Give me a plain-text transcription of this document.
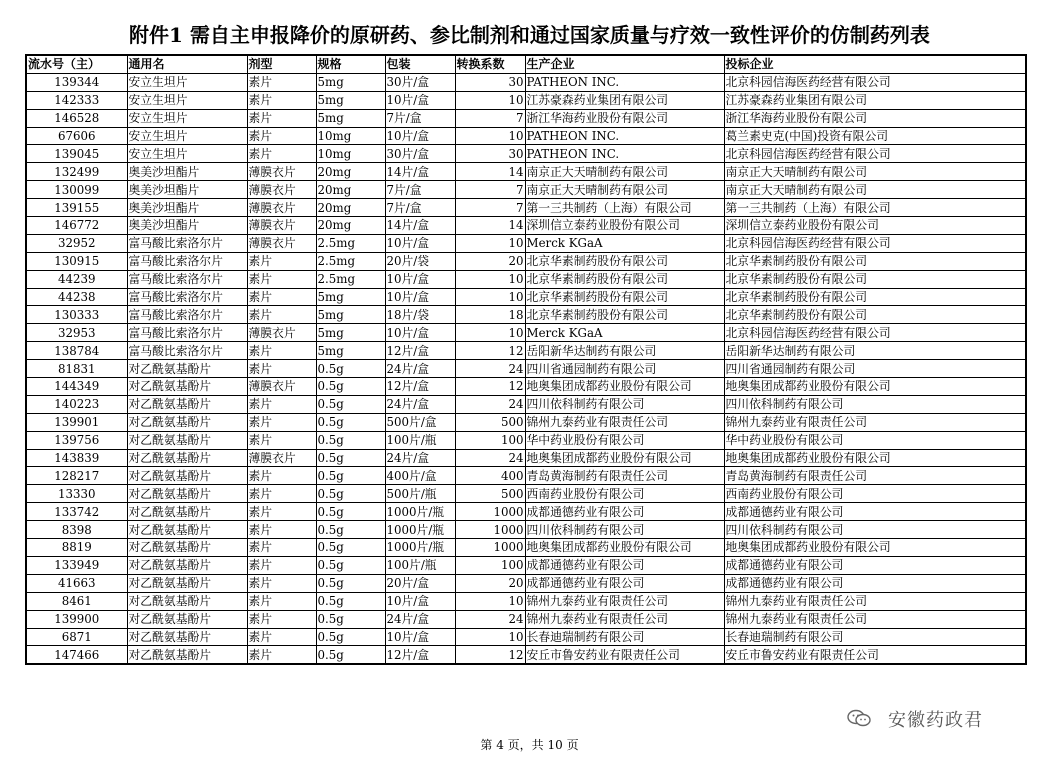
附件1 需自主申报降价的原研药、参比制剂和通过国家质量与疗效一致性评价的仿制药列表
流水号（主）	通用名	剂型	规格	包装	转换系数	生产企业	投标企业
139344	安立生坦片	素片	5mg	30片/盒	30	PATHEON INC.	北京科园信海医药经营有限公司
142333	安立生坦片	素片	5mg	10片/盒	10	江苏豪森药业集团有限公司	江苏豪森药业集团有限公司
146528	安立生坦片	素片	5mg	7片/盒	7	浙江华海药业股份有限公司	浙江华海药业股份有限公司
67606	安立生坦片	素片	10mg	10片/盒	10	PATHEON INC.	葛兰素史克(中国)投资有限公司
139045	安立生坦片	素片	10mg	30片/盒	30	PATHEON INC.	北京科园信海医药经营有限公司
132499	奥美沙坦酯片	薄膜衣片	20mg	14片/盒	14	南京正大天晴制药有限公司	南京正大天晴制药有限公司
130099	奥美沙坦酯片	薄膜衣片	20mg	7片/盒	7	南京正大天晴制药有限公司	南京正大天晴制药有限公司
139155	奥美沙坦酯片	薄膜衣片	20mg	7片/盒	7	第一三共制药（上海）有限公司	第一三共制药（上海）有限公司
146772	奥美沙坦酯片	薄膜衣片	20mg	14片/盒	14	深圳信立泰药业股份有限公司	深圳信立泰药业股份有限公司
32952	富马酸比索洛尔片	薄膜衣片	2.5mg	10片/盒	10	Merck KGaA	北京科园信海医药经营有限公司
130915	富马酸比索洛尔片	素片	2.5mg	20片/袋	20	北京华素制药股份有限公司	北京华素制药股份有限公司
44239	富马酸比索洛尔片	素片	2.5mg	10片/盒	10	北京华素制药股份有限公司	北京华素制药股份有限公司
44238	富马酸比索洛尔片	素片	5mg	10片/盒	10	北京华素制药股份有限公司	北京华素制药股份有限公司
130333	富马酸比索洛尔片	素片	5mg	18片/袋	18	北京华素制药股份有限公司	北京华素制药股份有限公司
32953	富马酸比索洛尔片	薄膜衣片	5mg	10片/盒	10	Merck KGaA	北京科园信海医药经营有限公司
138784	富马酸比索洛尔片	素片	5mg	12片/盒	12	岳阳新华达制药有限公司	岳阳新华达制药有限公司
81831	对乙酰氨基酚片	素片	0.5g	24片/盒	24	四川省通园制药有限公司	四川省通园制药有限公司
144349	对乙酰氨基酚片	薄膜衣片	0.5g	12片/盒	12	地奥集团成都药业股份有限公司	地奥集团成都药业股份有限公司
140223	对乙酰氨基酚片	素片	0.5g	24片/盒	24	四川依科制药有限公司	四川依科制药有限公司
139901	对乙酰氨基酚片	素片	0.5g	500片/盒	500	锦州九泰药业有限责任公司	锦州九泰药业有限责任公司
139756	对乙酰氨基酚片	素片	0.5g	100片/瓶	100	华中药业股份有限公司	华中药业股份有限公司
143839	对乙酰氨基酚片	薄膜衣片	0.5g	24片/盒	24	地奥集团成都药业股份有限公司	地奥集团成都药业股份有限公司
128217	对乙酰氨基酚片	素片	0.5g	400片/盒	400	青岛黄海制药有限责任公司	青岛黄海制药有限责任公司
13330	对乙酰氨基酚片	素片	0.5g	500片/瓶	500	西南药业股份有限公司	西南药业股份有限公司
133742	对乙酰氨基酚片	素片	0.5g	1000片/瓶	1000	成都通德药业有限公司	成都通德药业有限公司
8398	对乙酰氨基酚片	素片	0.5g	1000片/瓶	1000	四川依科制药有限公司	四川依科制药有限公司
8819	对乙酰氨基酚片	素片	0.5g	1000片/瓶	1000	地奥集团成都药业股份有限公司	地奥集团成都药业股份有限公司
133949	对乙酰氨基酚片	素片	0.5g	100片/瓶	100	成都通德药业有限公司	成都通德药业有限公司
41663	对乙酰氨基酚片	素片	0.5g	20片/盒	20	成都通德药业有限公司	成都通德药业有限公司
8461	对乙酰氨基酚片	素片	0.5g	10片/盒	10	锦州九泰药业有限责任公司	锦州九泰药业有限责任公司
139900	对乙酰氨基酚片	素片	0.5g	24片/盒	24	锦州九泰药业有限责任公司	锦州九泰药业有限责任公司
6871	对乙酰氨基酚片	素片	0.5g	10片/盒	10	长春迪瑞制药有限公司	长春迪瑞制药有限公司
147466	对乙酰氨基酚片	素片	0.5g	12片/盒	12	安丘市鲁安药业有限责任公司	安丘市鲁安药业有限责任公司
安徽药政君
第 4 页，共 10 页
